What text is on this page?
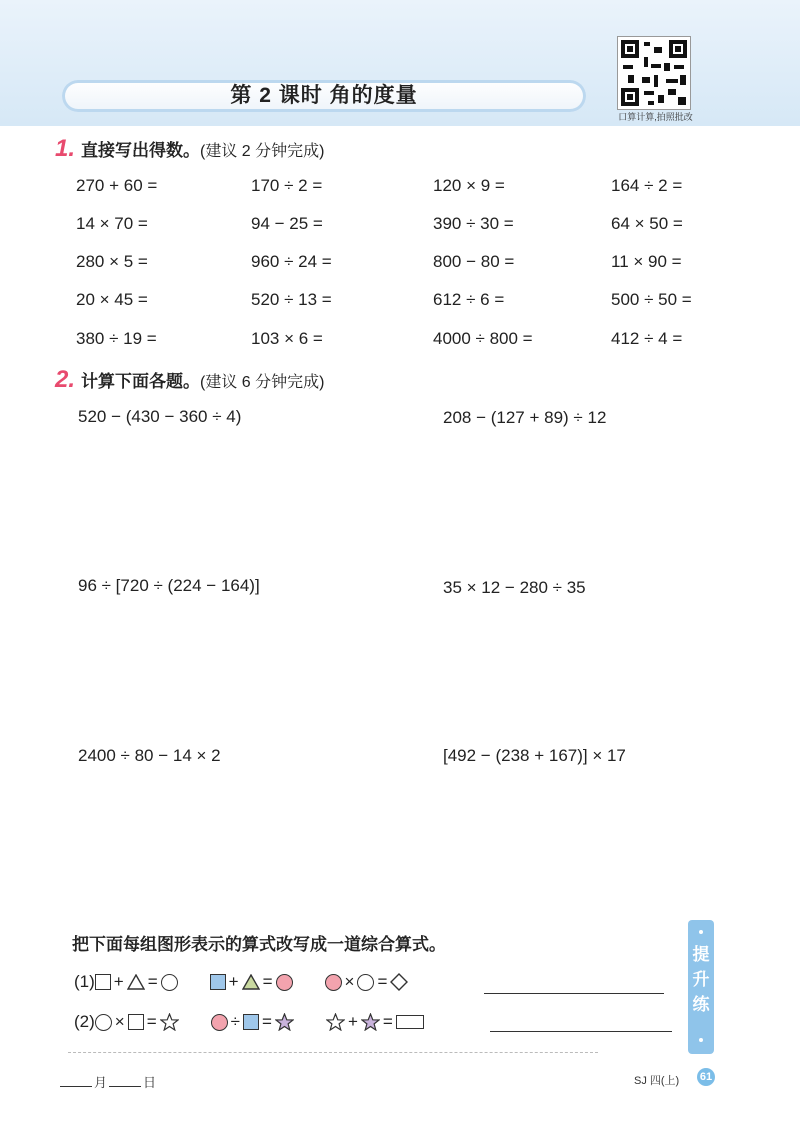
第 2 课时 角的度量
口算计算,拍照批改
1. 直接写出得数。(建议 2 分钟完成)
270 + 60 =	170 ÷ 2 =	120 × 9 =	164 ÷ 2 =
14 × 70 =	94 − 25 =	390 ÷ 30 =	64 × 50 =
280 × 5 =	960 ÷ 24 =	800 − 80 =	11 × 90 =
20 × 45 =	520 ÷ 13 =	612 ÷ 6 =	500 ÷ 50 =
380 ÷ 19 =	103 × 6 =	4000 ÷ 800 =	412 ÷ 4 =
2. 计算下面各题。(建议 6 分钟完成)
520 − (430 − 360 ÷ 4)	208 − (127 + 89) ÷ 12
96 ÷ [720 ÷ (224 − 164)]	35 × 12 − 280 ÷ 35
2400 ÷ 80 − 14 × 2	[492 − (238 + 167)] × 17
把下面每组图形表示的算式改写成一道综合算式。
(1) + =	+ =	× =
(2) × =	÷ =	+ =
提
升
练
月	日	SJ 四(上) 61
